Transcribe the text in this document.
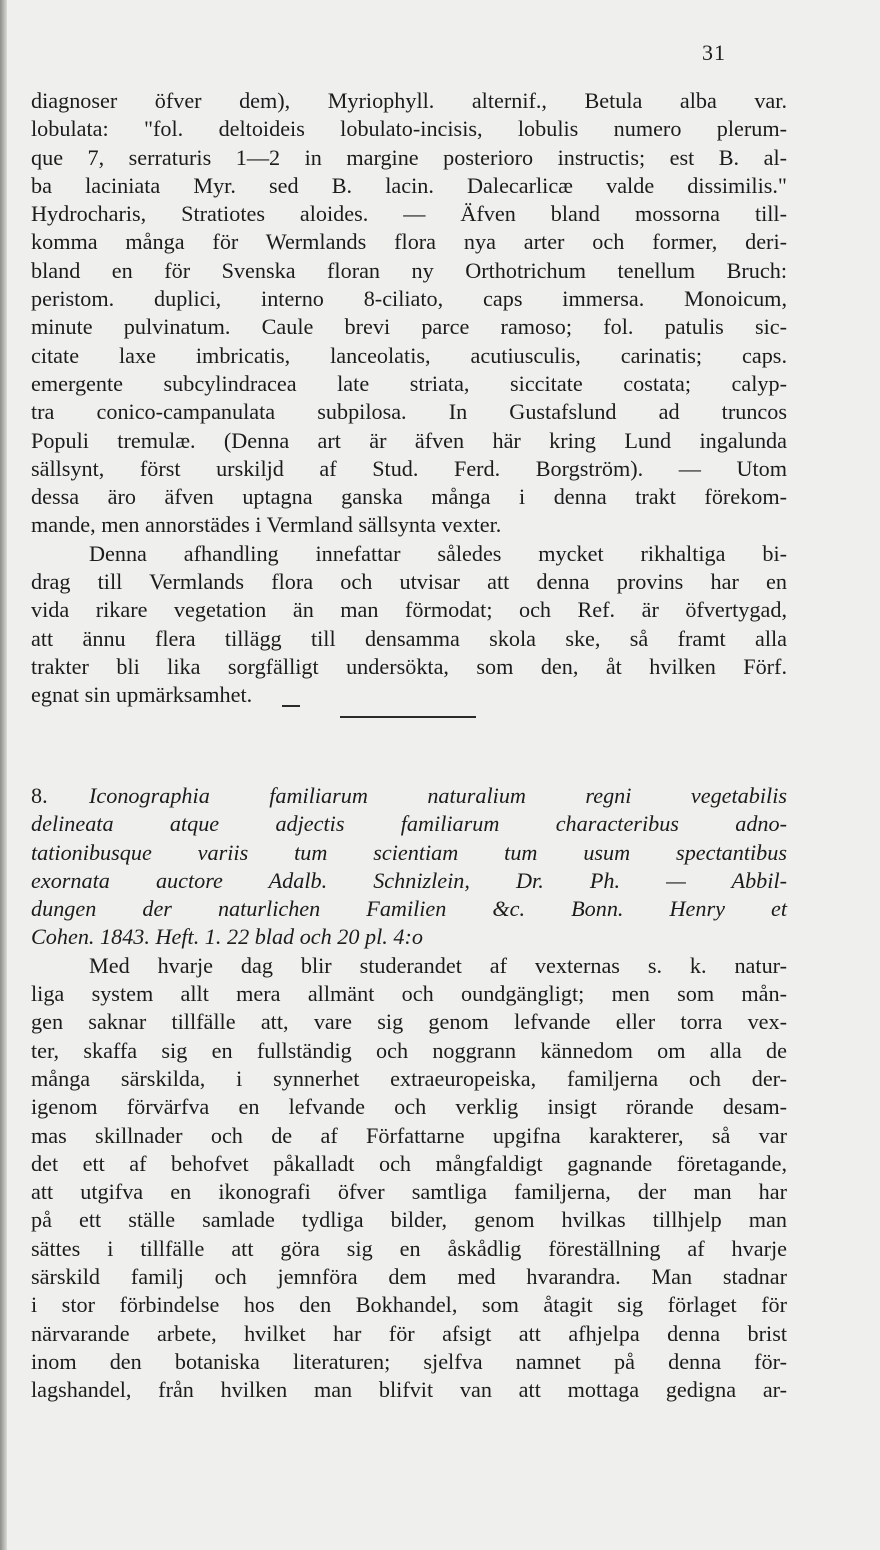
31
diagnoser öfver dem), Myriophyll. alternif., Betula alba var.
lobulata: "fol. deltoideis lobulato-incisis, lobulis numero plerum-
que 7, serraturis 1—2 in margine posterioro instructis; est B. al-
ba laciniata Myr. sed B. lacin. Dalecarlicæ valde dissimilis."
Hydrocharis, Stratiotes aloides. — Äfven bland mossorna till-
komma många för Wermlands flora nya arter och former, deri-
bland en för Svenska floran ny Orthotrichum tenellum Bruch:
peristom. duplici, interno 8-ciliato, caps immersa. Monoicum,
minute pulvinatum. Caule brevi parce ramoso; fol. patulis sic-
citate laxe imbricatis, lanceolatis, acutiusculis, carinatis; caps.
emergente subcylindracea late striata, siccitate costata; calyp-
tra conico-campanulata subpilosa. In Gustafslund ad truncos
Populi tremulæ. (Denna art är äfven här kring Lund ingalunda
sällsynt, först urskiljd af Stud. Ferd. Borgström). — Utom
dessa äro äfven uptagna ganska många i denna trakt förekom-
mande, men annorstädes i Vermland sällsynta vexter.
Denna afhandling innefattar således mycket rikhaltiga bi-
drag till Vermlands flora och utvisar att denna provins har en
vida rikare vegetation än man förmodat; och Ref. är öfvertygad,
att ännu flera tillägg till densamma skola ske, så framt alla
trakter bli lika sorgfälligt undersökta, som den, åt hvilken Förf.
egnat sin upmärksamhet.
8.	Iconographia familiarum naturalium regni vegetabilis
delineata atque adjectis familiarum characteribus adno-
tationibusque variis tum scientiam tum usum spectantibus
exornata auctore Adalb. Schnizlein, Dr. Ph. — Abbil-
dungen der naturlichen Familien &c. Bonn. Henry et
Cohen. 1843. Heft. 1. 22 blad och 20 pl. 4:o
Med hvarje dag blir studerandet af vexternas s. k. natur-
liga system allt mera allmänt och oundgängligt; men som mån-
gen saknar tillfälle att, vare sig genom lefvande eller torra vex-
ter, skaffa sig en fullständig och noggrann kännedom om alla de
många särskilda, i synnerhet extraeuropeiska, familjerna och der-
igenom förvärfva en lefvande och verklig insigt rörande desam-
mas skillnader och de af Författarne upgifna karakterer, så var
det ett af behofvet påkalladt och mångfaldigt gagnande företagande,
att utgifva en ikonografi öfver samtliga familjerna, der man har
på ett ställe samlade tydliga bilder, genom hvilkas tillhjelp man
sättes i tillfälle att göra sig en åskådlig föreställning af hvarje
särskild familj och jemnföra dem med hvarandra. Man stadnar
i stor förbindelse hos den Bokhandel, som åtagit sig förlaget för
närvarande arbete, hvilket har för afsigt att afhjelpa denna brist
inom den botaniska literaturen; sjelfva namnet på denna för-
lagshandel, från hvilken man blifvit van att mottaga gedigna ar-
